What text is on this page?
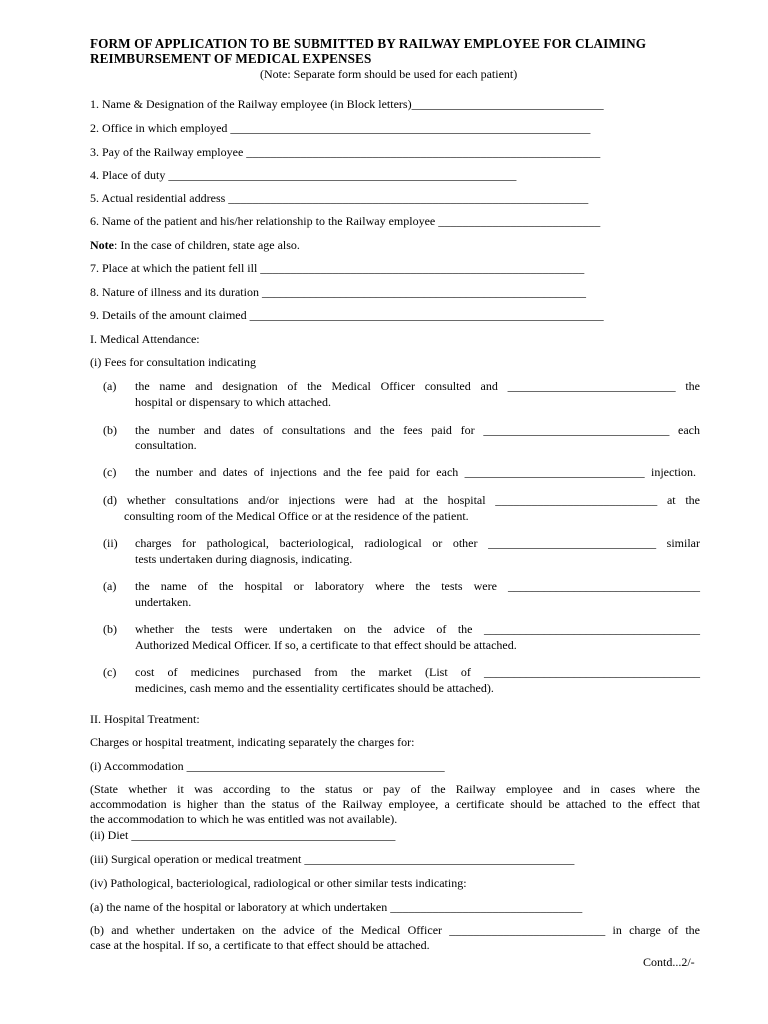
FORM OF APPLICATION TO BE SUBMITTED BY RAILWAY EMPLOYEE FOR CLAIMING
REIMBURSEMENT OF MEDICAL EXPENSES
(Note: Separate form should be used for each patient)
1. Name & Designation of the Railway employee (in Block letters)________________________________
2. Office in which employed ____________________________________________________________
3. Pay of the Railway employee ___________________________________________________________
4. Place of duty __________________________________________________________
5. Actual residential address ____________________________________________________________
6. Name of the patient and his/her relationship to the Railway employee ___________________________
Note: In the case of children, state age also.
7. Place at which the patient fell ill ______________________________________________________
8. Nature of illness and its duration ______________________________________________________
9. Details of the amount claimed ___________________________________________________________
I. Medical Attendance:
(i) Fees for consultation indicating
(a) the name and designation of the Medical Officer consulted and ____________________________ the
hospital or dispensary to which attached.
(b) the number and dates of consultations and the fees paid for _______________________________ each
consultation.
(c) the number and dates of injections and the fee paid for each ______________________________ injection.
(d) whether consultations and/or injections were had at the hospital ___________________________ at the
consulting room of the Medical Office or at the residence of the patient.
(ii) charges for pathological, bacteriological, radiological or other ____________________________ similar
tests undertaken during diagnosis, indicating.
(a) the name of the hospital or laboratory where the tests were ________________________________
undertaken.
(b) whether the tests were undertaken on the advice of the ____________________________________
Authorized Medical Officer. If so, a certificate to that effect should be attached.
(c) cost of medicines purchased from the market (List of ____________________________________
medicines, cash memo and the essentiality certificates should be attached).
II. Hospital Treatment:
Charges or hospital treatment, indicating separately the charges for:
(i) Accommodation ___________________________________________
(State whether it was according to the status or pay of the Railway employee and in cases where the
accommodation is higher than the status of the Railway employee, a certificate should be attached to the effect that
the accommodation to which he was entitled was not available).
(ii) Diet ____________________________________________
(iii) Surgical operation or medical treatment _____________________________________________
(iv) Pathological, bacteriological, radiological or other similar tests indicating:
(a) the name of the hospital or laboratory at which undertaken ________________________________
(b) and whether undertaken on the advice of the Medical Officer __________________________ in charge of the
case at the hospital. If so, a certificate to that effect should be attached.
Contd...2/-
